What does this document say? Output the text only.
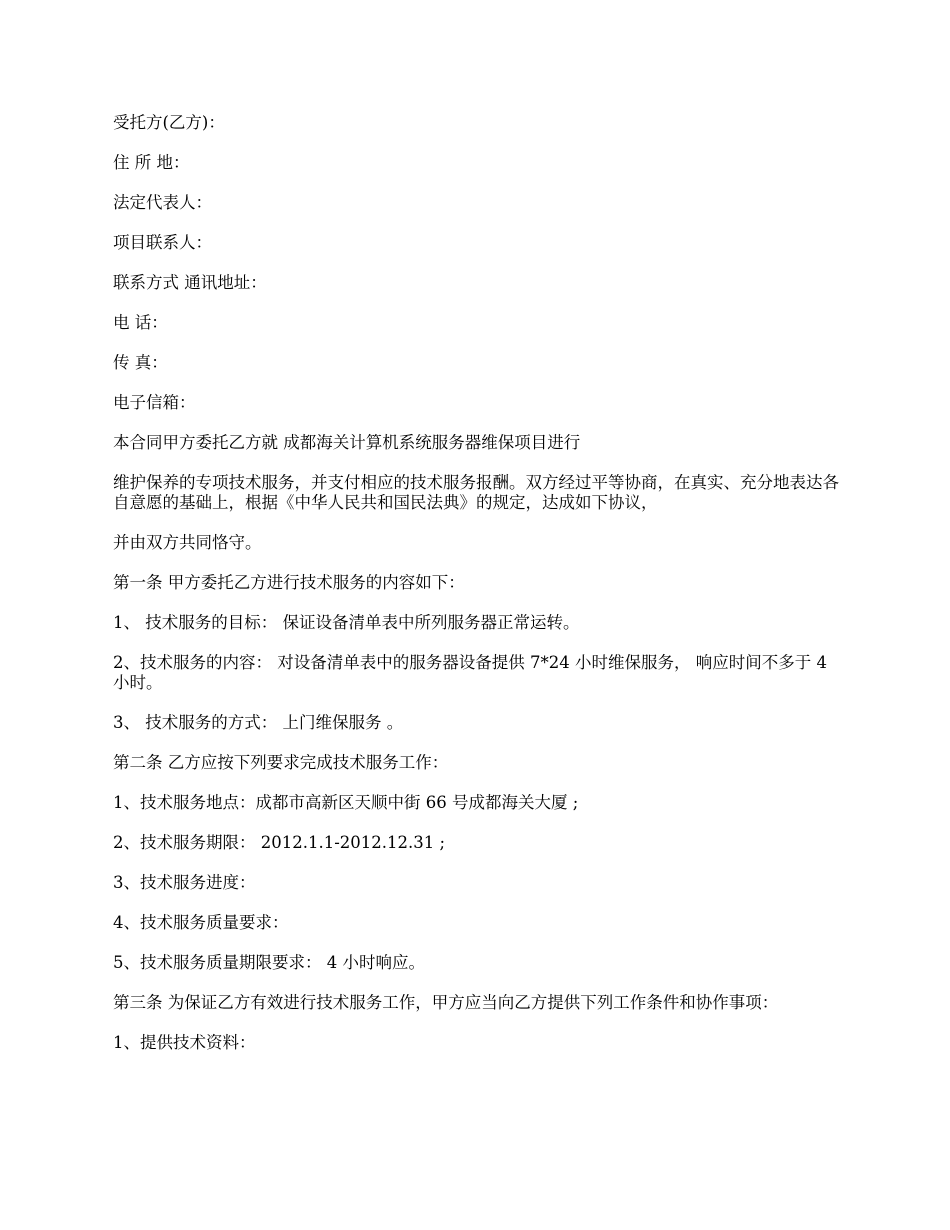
受托方(乙方)：

住 所 地：

法定代表人：

项目联系人：

联系方式 通讯地址：

电 话：

传 真：

电子信箱：

本合同甲方委托乙方就 成都海关计算机系统服务器维保项目进行

维护保养的专项技术服务，并支付相应的技术服务报酬。双方经过平等协商，在真实、充分地表达各自意愿的基础上，根据《中华人民共和国民法典》的规定，达成如下协议，

并由双方共同恪守。

第一条 甲方委托乙方进行技术服务的内容如下：

1、 技术服务的目标： 保证设备清单表中所列服务器正常运转。

2、技术服务的内容： 对设备清单表中的服务器设备提供 7*24 小时维保服务， 响应时间不多于 4 小时。

3、 技术服务的方式： 上门维保服务 。

第二条 乙方应按下列要求完成技术服务工作：

1、技术服务地点：成都市高新区天顺中街 66 号成都海关大厦 ;

2、技术服务期限： 2012.1.1-2012.12.31 ;

3、技术服务进度：

4、技术服务质量要求：

5、技术服务质量期限要求： 4 小时响应。

第三条 为保证乙方有效进行技术服务工作，甲方应当向乙方提供下列工作条件和协作事项：

1、提供技术资料：
